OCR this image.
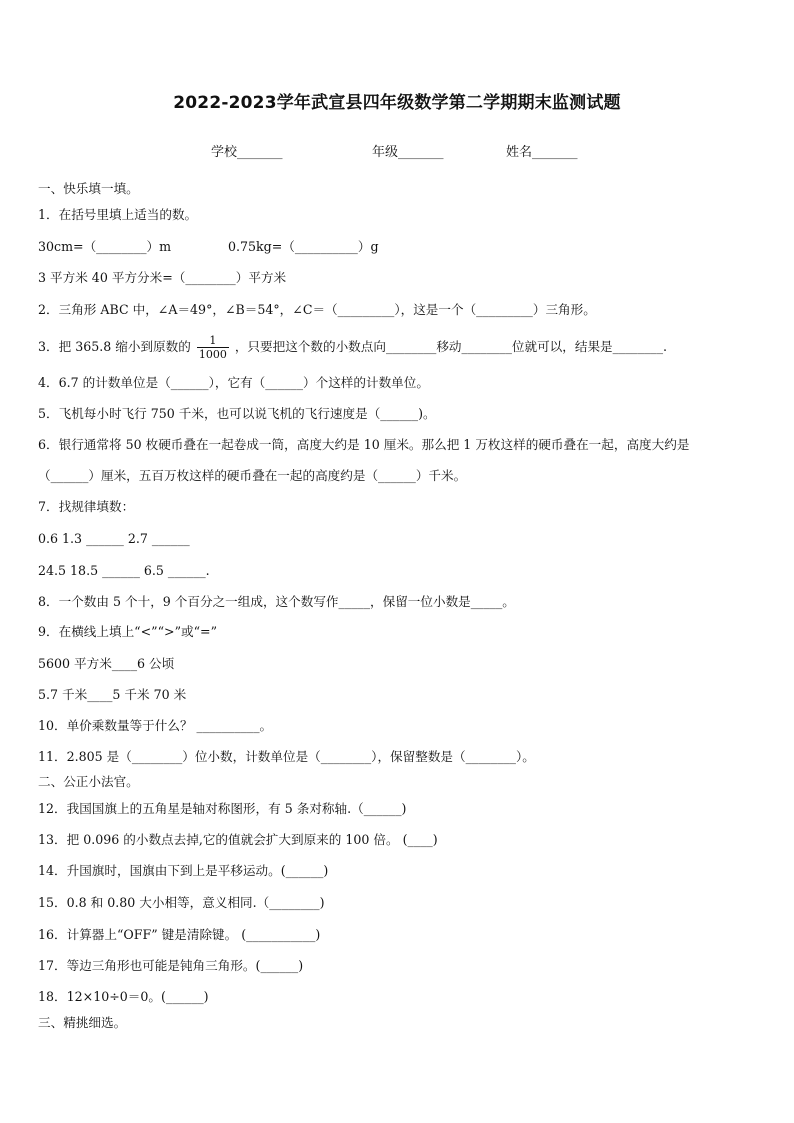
2022-2023学年武宣县四年级数学第二学期期末监测试题
学校_______	年级_______	姓名_______
一、快乐填一填。
1．在括号里填上适当的数。
30cm=（________）m	0.75kg=（__________）g
3 平方米 40 平方分米=（________）平方米
2．三角形 ABC 中，∠A＝49°，∠B＝54°，∠C＝（_________），这是一个（_________）三角形。
3．把 365.8 缩小到原数的 $\frac{1}{1000}$ ，只要把这个数的小数点向________移动________位就可以，结果是________.
4．6.7 的计数单位是（______），它有（______）个这样的计数单位。
5．飞机每小时飞行 750 千米，也可以说飞机的飞行速度是（______)。
6．银行通常将 50 枚硬币叠在一起卷成一筒，高度大约是 10 厘米。那么把 1 万枚这样的硬币叠在一起，高度大约是
（______）厘米，五百万枚这样的硬币叠在一起的高度约是（______）千米。
7．找规律填数：
0.6 1.3 ______ 2.7 ______
24.5 18.5 ______ 6.5 ______.
8．一个数由 5 个十，9 个百分之一组成，这个数写作_____，保留一位小数是_____。
9．在横线上填上“<”“>”或“=”
5600 平方米____6 公顷
5.7 千米____5 千米 70 米
10．单价乘数量等于什么？ __________。
11．2.805 是（________）位小数，计数单位是（________），保留整数是（________）。
二、公正小法官。
12．我国国旗上的五角星是轴对称图形，有 5 条对称轴.（______)
13．把 0.096 的小数点去掉,它的值就会扩大到原来的 100 倍。 (____)
14．升国旗时，国旗由下到上是平移运动。(______)
15．0.8 和 0.80 大小相等，意义相同.（________)
16．计算器上“OFF” 键是清除键。 (___________)
17．等边三角形也可能是钝角三角形。(______)
18．12×10÷0＝0。(______)
三、精挑细选。
